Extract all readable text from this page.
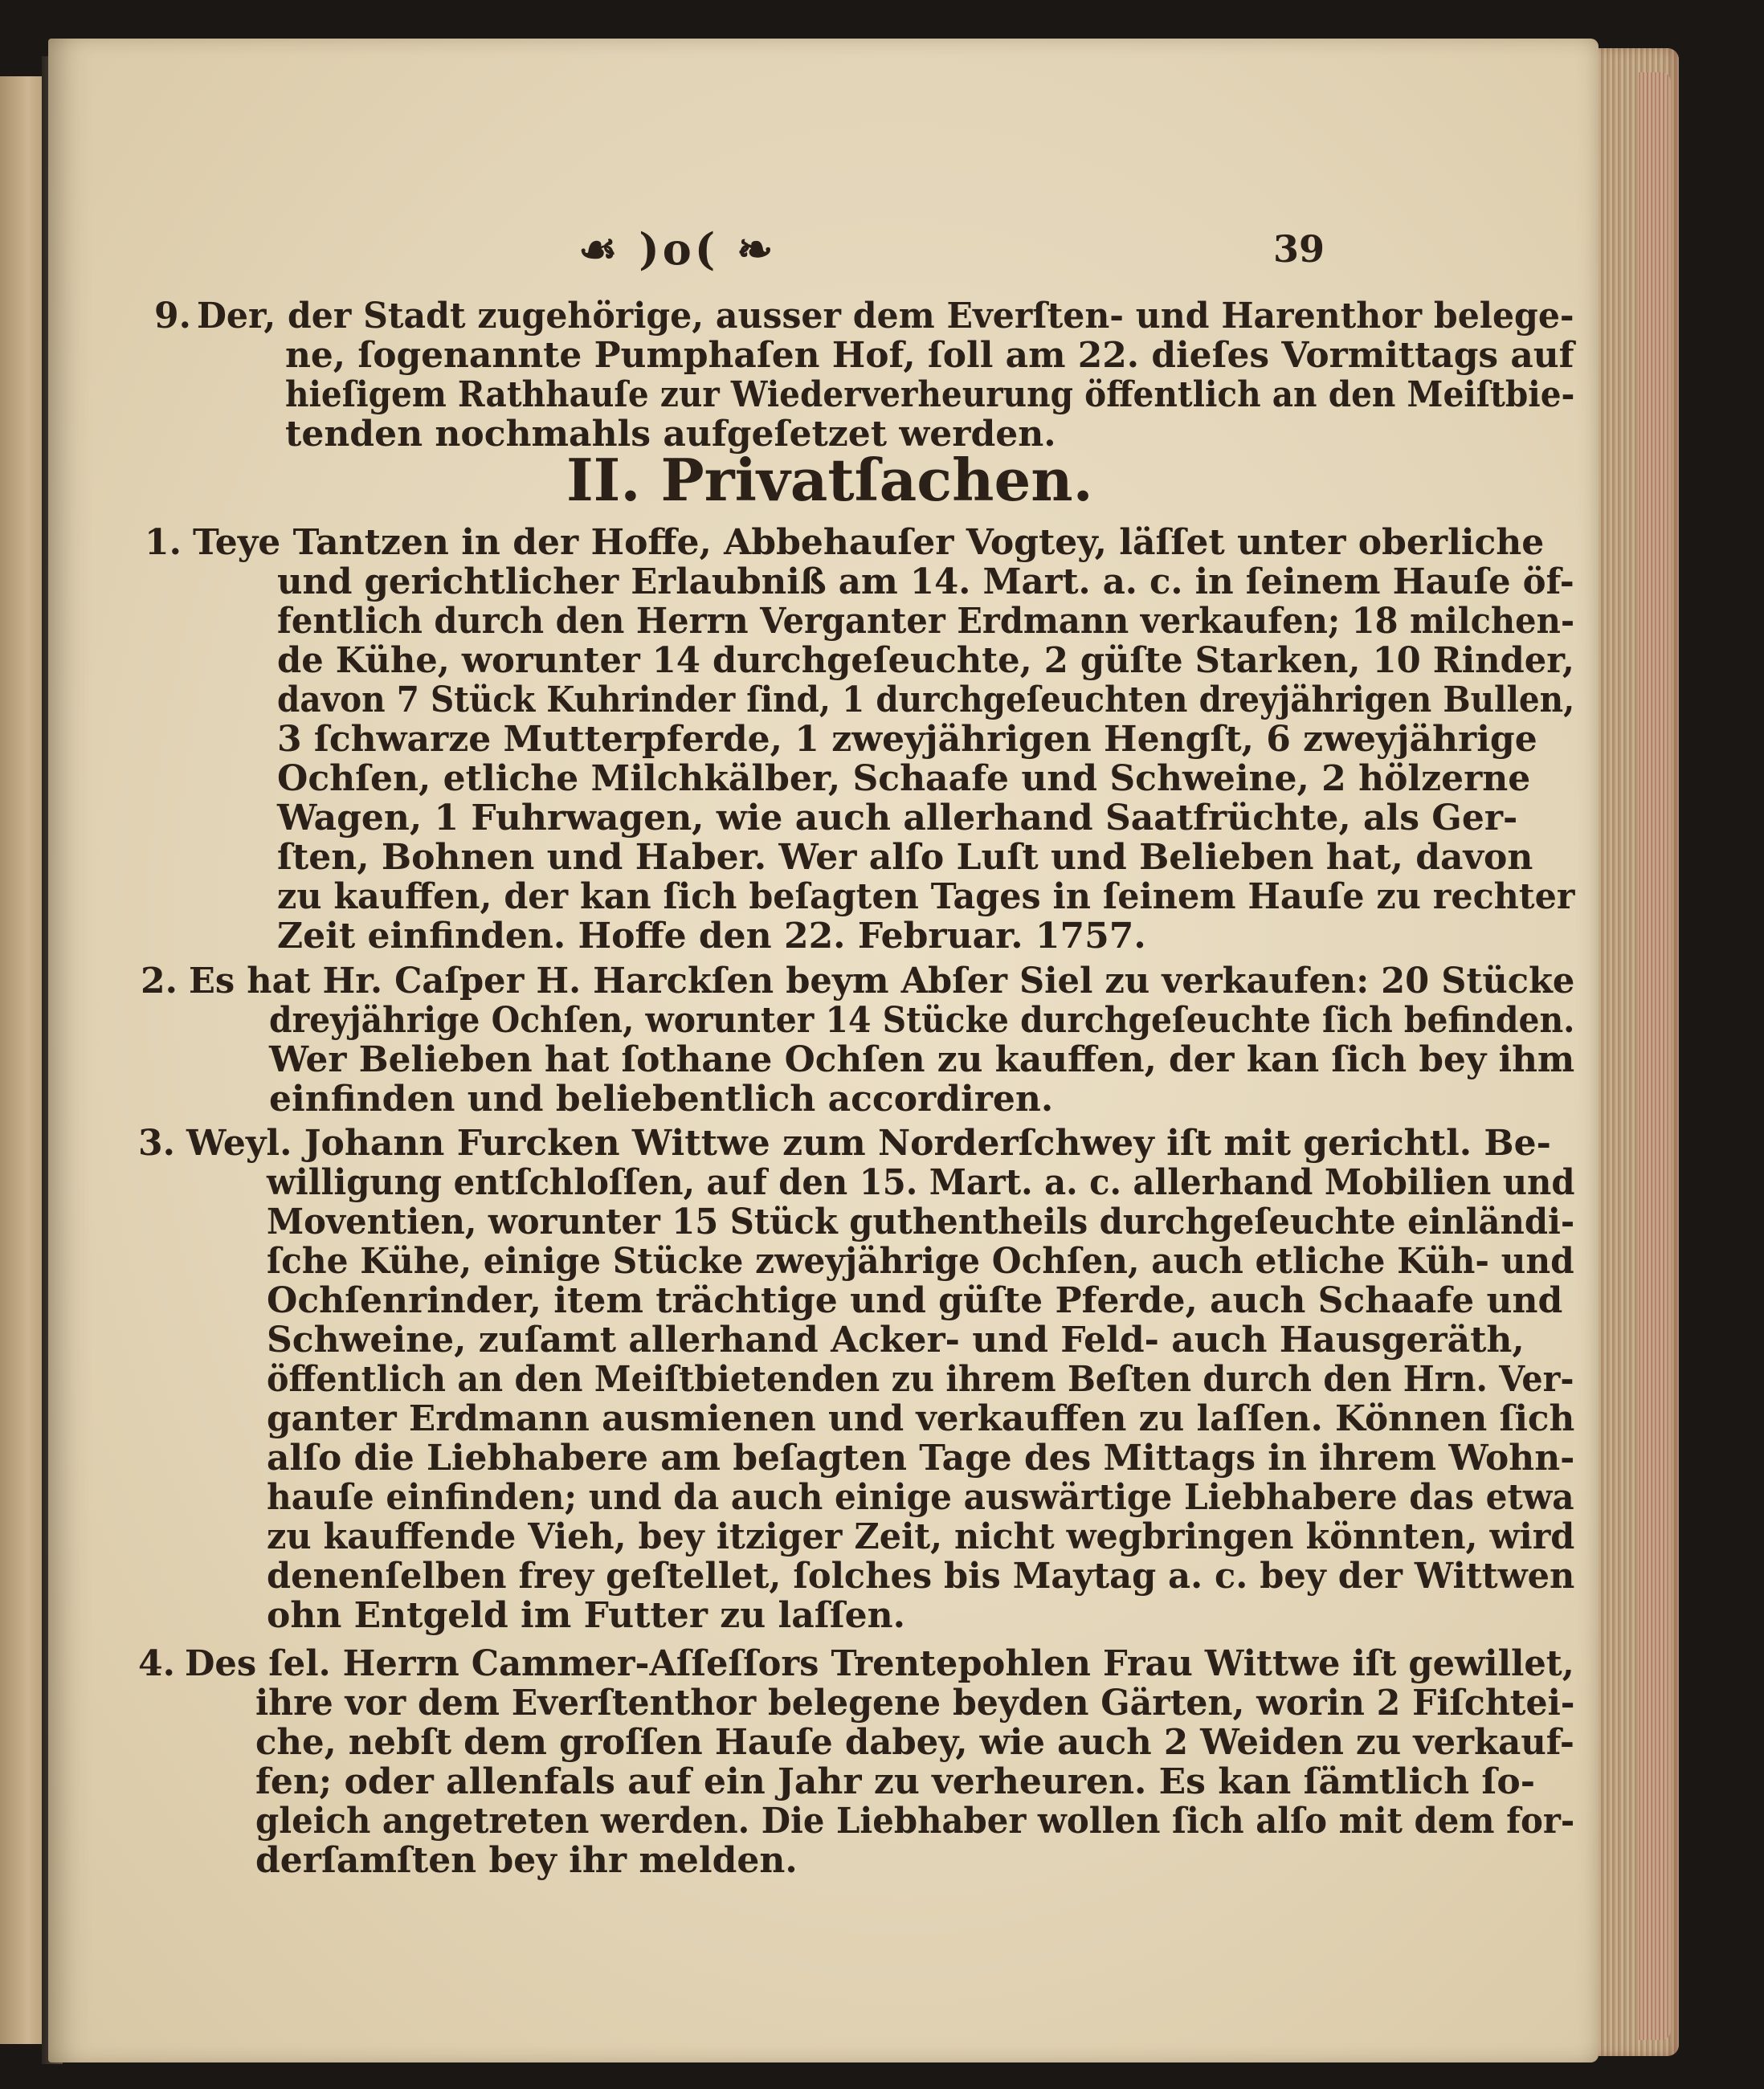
☙ )o( ❧	39
9. Der, der Stadt zugehörige, ausser dem Everſten- und Harenthor belege-
ne, ſogenannte Pumphaſen Hof, ſoll am 22. dieſes Vormittags auf
hieſigem Rathhauſe zur Wiederverheurung öffentlich an den Meiſtbie-
tenden nochmahls aufgeſetzet werden.
II. Privatſachen.
1. Teye Tantzen in der Hoffe, Abbehauſer Vogtey, läſſet unter oberliche
und gerichtlicher Erlaubniß am 14. Mart. a. c. in ſeinem Hauſe öf-
fentlich durch den Herrn Verganter Erdmann verkaufen; 18 milchen-
de Kühe, worunter 14 durchgeſeuchte, 2 güſte Starken, 10 Rinder,
davon 7 Stück Kuhrinder ſind, 1 durchgeſeuchten dreyjährigen Bullen,
3 ſchwarze Mutterpferde, 1 zweyjährigen Hengſt, 6 zweyjährige
Ochſen, etliche Milchkälber, Schaafe und Schweine, 2 hölzerne
Wagen, 1 Fuhrwagen, wie auch allerhand Saatfrüchte, als Ger-
ſten, Bohnen und Haber. Wer alſo Luſt und Belieben hat, davon
zu kauffen, der kan ſich beſagten Tages in ſeinem Hauſe zu rechter
Zeit einfinden. Hoffe den 22. Februar. 1757.
2. Es hat Hr. Caſper H. Harckſen beym Abſer Siel zu verkaufen: 20 Stücke
dreyjährige Ochſen, worunter 14 Stücke durchgeſeuchte ſich befinden.
Wer Belieben hat ſothane Ochſen zu kauffen, der kan ſich bey ihm
einfinden und beliebentlich accordiren.
3. Weyl. Johann Furcken Wittwe zum Norderſchwey iſt mit gerichtl. Be-
willigung entſchloſſen, auf den 15. Mart. a. c. allerhand Mobilien und
Moventien, worunter 15 Stück guthentheils durchgeſeuchte einländi-
ſche Kühe, einige Stücke zweyjährige Ochſen, auch etliche Küh- und
Ochſenrinder, item trächtige und güſte Pferde, auch Schaafe und
Schweine, zuſamt allerhand Acker- und Feld- auch Hausgeräth,
öffentlich an den Meiſtbietenden zu ihrem Beſten durch den Hrn. Ver-
ganter Erdmann ausmienen und verkauffen zu laſſen. Können ſich
alſo die Liebhabere am beſagten Tage des Mittags in ihrem Wohn-
hauſe einfinden; und da auch einige auswärtige Liebhabere das etwa
zu kauffende Vieh, bey itziger Zeit, nicht wegbringen könnten, wird
denenſelben frey geſtellet, ſolches bis Maytag a. c. bey der Wittwen
ohn Entgeld im Futter zu laſſen.
4. Des ſel. Herrn Cammer-Aſſeſſors Trentepohlen Frau Wittwe iſt gewillet,
ihre vor dem Everſtenthor belegene beyden Gärten, worin 2 Fiſchtei-
che, nebſt dem groſſen Hauſe dabey, wie auch 2 Weiden zu verkauf-
fen; oder allenfals auf ein Jahr zu verheuren. Es kan ſämtlich ſo-
gleich angetreten werden. Die Liebhaber wollen ſich alſo mit dem for-
derſamſten bey ihr melden.
